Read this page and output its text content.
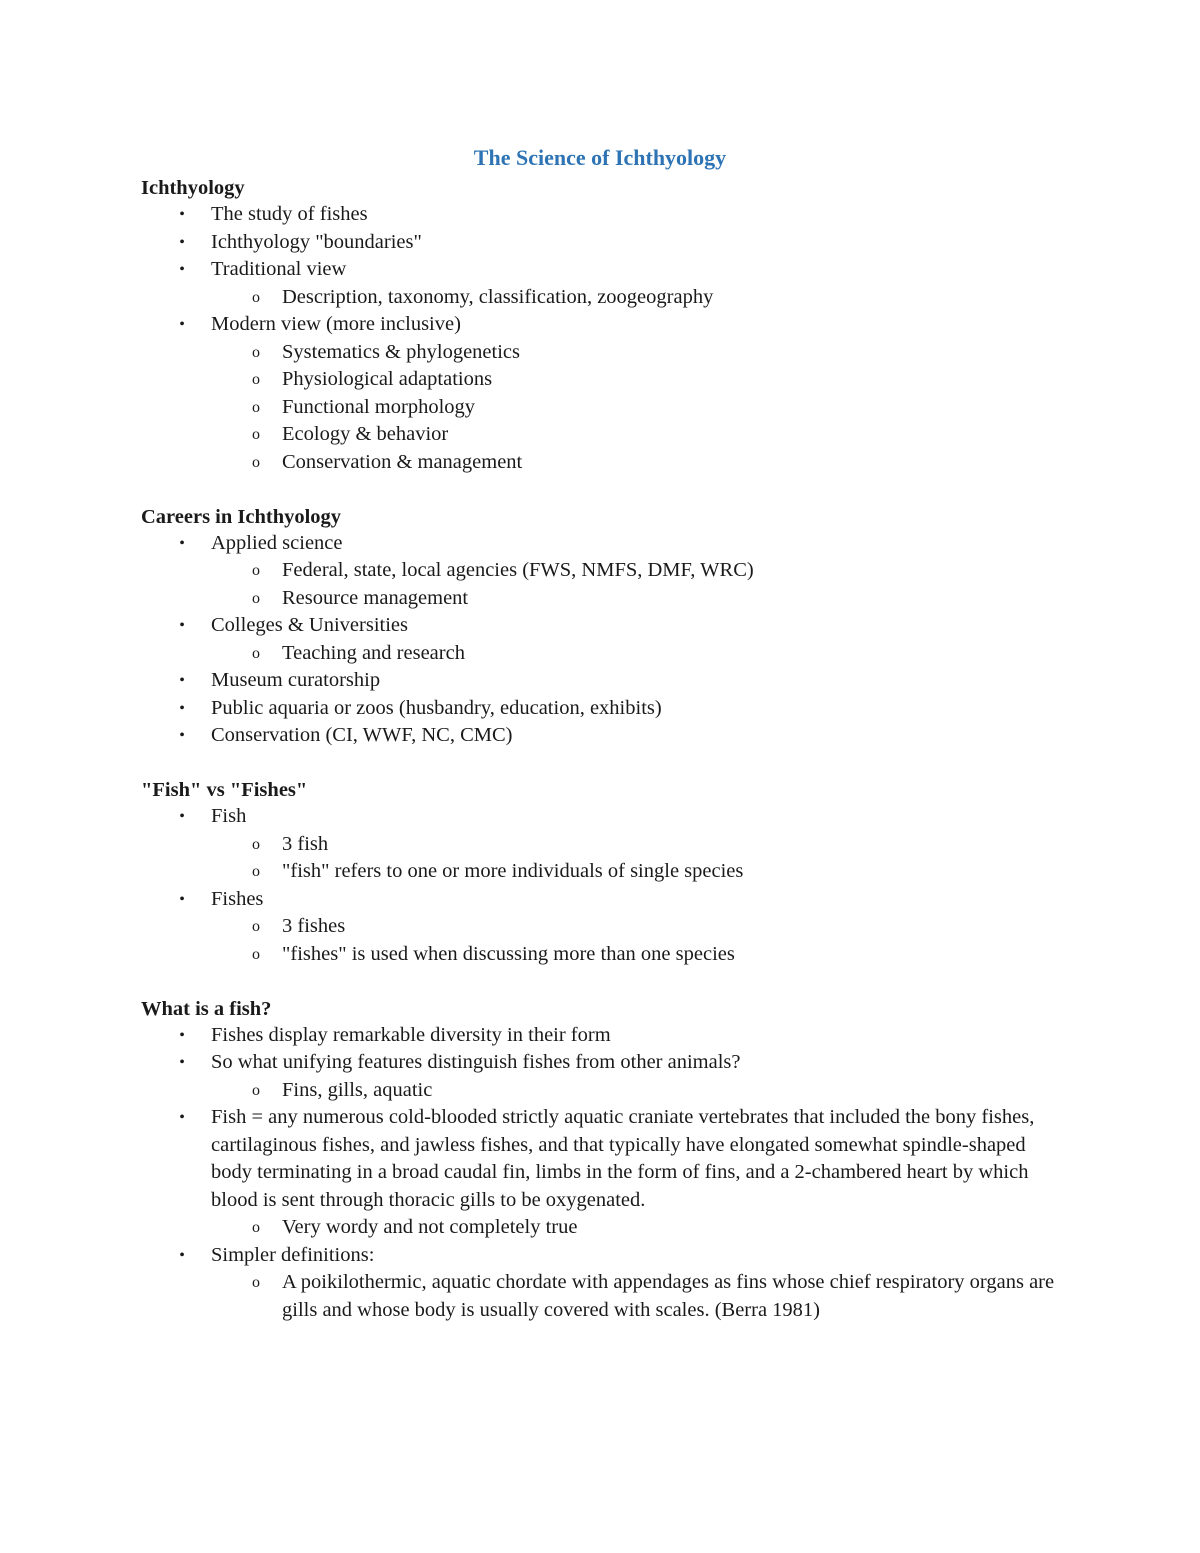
The Science of Ichthyology
Ichthyology
• The study of fishes
• Ichthyology "boundaries"
• Traditional view
o Description, taxonomy, classification, zoogeography
• Modern view (more inclusive)
o Systematics & phylogenetics
o Physiological adaptations
o Functional morphology
o Ecology & behavior
o Conservation & management
Careers in Ichthyology
• Applied science
o Federal, state, local agencies (FWS, NMFS, DMF, WRC)
o Resource management
• Colleges & Universities
o Teaching and research
• Museum curatorship
• Public aquaria or zoos (husbandry, education, exhibits)
• Conservation (CI, WWF, NC, CMC)
"Fish" vs "Fishes"
• Fish
o 3 fish
o "fish" refers to one or more individuals of single species
• Fishes
o 3 fishes
o "fishes" is used when discussing more than one species
What is a fish?
• Fishes display remarkable diversity in their form
• So what unifying features distinguish fishes from other animals?
o Fins, gills, aquatic
• Fish = any numerous cold-blooded strictly aquatic craniate vertebrates that included the bony fishes, cartilaginous fishes, and jawless fishes, and that typically have elongated somewhat spindle-shaped body terminating in a broad caudal fin, limbs in the form of fins, and a 2-chambered heart by which blood is sent through thoracic gills to be oxygenated.
o Very wordy and not completely true
• Simpler definitions:
o A poikilothermic, aquatic chordate with appendages as fins whose chief respiratory organs are gills and whose body is usually covered with scales. (Berra 1981)
